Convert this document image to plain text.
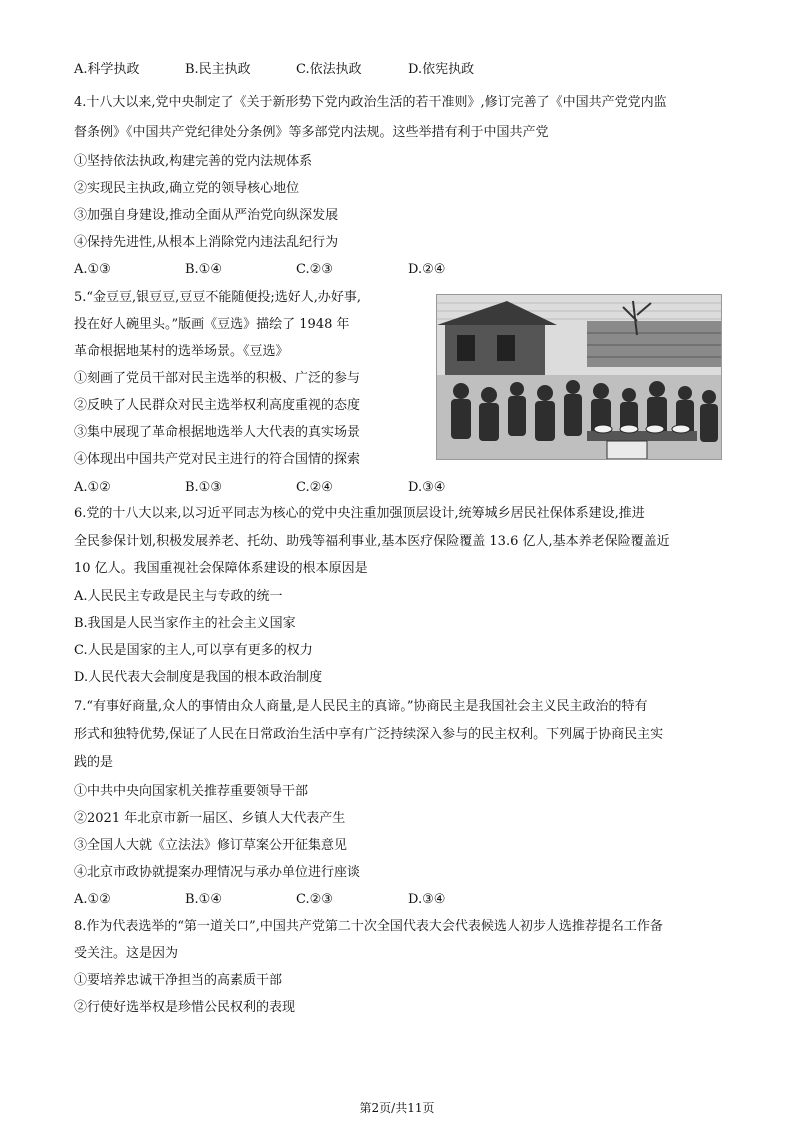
A.科学执政	B.民主执政	C.依法执政	D.依宪执政
4.十八大以来,党中央制定了《关于新形势下党内政治生活的若干准则》,修订完善了《中国共产党党内监
督条例》《中国共产党纪律处分条例》等多部党内法规。这些举措有利于中国共产党
①坚持依法执政,构建完善的党内法规体系
②实现民主执政,确立党的领导核心地位
③加强自身建设,推动全面从严治党向纵深发展
④保持先进性,从根本上消除党内违法乱纪行为
A.①③	B.①④	C.②③	D.②④
5.“金豆豆,银豆豆,豆豆不能随便投;选好人,办好事,
投在好人碗里头。”版画《豆选》描绘了 1948 年
革命根据地某村的选举场景。《豆选》
①刻画了党员干部对民主选举的积极、广泛的参与
②反映了人民群众对民主选举权利高度重视的态度
③集中展现了革命根据地选举人大代表的真实场景
④体现出中国共产党对民主进行的符合国情的探索
A.①②	B.①③	C.②④	D.③④
6.党的十八大以来,以习近平同志为核心的党中央注重加强顶层设计,统筹城乡居民社保体系建设,推进
全民参保计划,积极发展养老、托幼、助残等福利事业,基本医疗保险覆盖 13.6 亿人,基本养老保险覆盖近
10 亿人。我国重视社会保障体系建设的根本原因是
A.人民民主专政是民主与专政的统一
B.我国是人民当家作主的社会主义国家
C.人民是国家的主人,可以享有更多的权力
D.人民代表大会制度是我国的根本政治制度
7.“有事好商量,众人的事情由众人商量,是人民民主的真谛。”协商民主是我国社会主义民主政治的特有
形式和独特优势,保证了人民在日常政治生活中享有广泛持续深入参与的民主权利。下列属于协商民主实
践的是
①中共中央向国家机关推荐重要领导干部
②2021 年北京市新一届区、乡镇人大代表产生
③全国人大就《立法法》修订草案公开征集意见
④北京市政协就提案办理情况与承办单位进行座谈
A.①②	B.①④	C.②③	D.③④
8.作为代表选举的“第一道关口”,中国共产党第二十次全国代表大会代表候选人初步人选推荐提名工作备
受关注。这是因为
①要培养忠诚干净担当的高素质干部
②行使好选举权是珍惜公民权利的表现
第2页/共11页
